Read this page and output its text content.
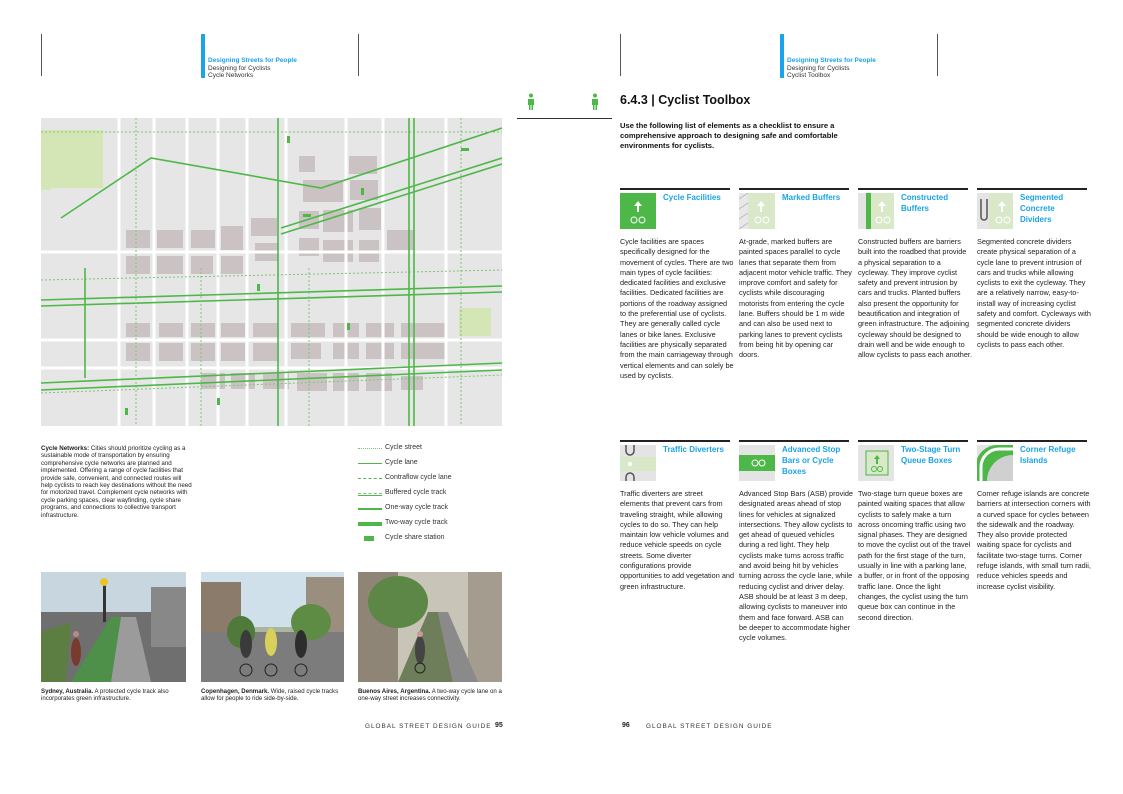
Designing Streets for People
Designing for Cyclists
Cycle Networks
Cycle Networks: Cities should prioritize cycling as a sustainable mode of transportation by ensuring comprehensive cycle networks are planned and implemented. Offering a range of cycle facilities that provide safe, convenient, and connected routes will help cyclists to reach key destinations without the need for motorized travel. Complement cycle networks with cycle parking spaces, clear wayfinding, cycle share programs, and connections to collective transport infrastructure.
Cycle street
Cycle lane
Contraflow cycle lane
Buffered cycle track
One-way cycle track
Two-way cycle track
Cycle share station
Sydney, Australia. A protected cycle track also incorporates green infrastructure.
Copenhagen, Denmark. Wide, raised cycle tracks allow for people to ride side-by-side.
Buenos Aires, Argentina. A two-way cycle lane on a one-way street increases connectivity.
GLOBAL STREET DESIGN GUIDE 95
Designing Streets for People
Designing for Cyclists
Cyclist Toolbox
6.4.3 | Cyclist Toolbox
Use the following list of elements as a checklist to ensure a comprehensive approach to designing safe and comfortable environments for cyclists.
Cycle Facilities
Cycle facilities are spaces specifically designed for the movement of cycles. There are two main types of cycle facilities: dedicated facilities and exclusive facilities. Dedicated facilities are portions of the roadway assigned to the preferential use of cyclists. They are generally called cycle lanes or bike lanes. Exclusive facilities are physically separated from the main carriageway through vertical elements and can solely be used by cyclists.
Marked Buffers
At-grade, marked buffers are painted spaces parallel to cycle lanes that separate them from adjacent motor vehicle traffic. They improve comfort and safety for cyclists while discouraging motorists from entering the cycle lane. Buffers should be 1 m wide and can also be used next to parking lanes to prevent cyclists from being hit by opening car doors.
Constructed Buffers
Constructed buffers are barriers built into the roadbed that provide a physical separation to a cycleway. They improve cyclist safety and prevent intrusion by cars and trucks. Planted buffers also present the opportunity for beautification and integration of green infrastructure. The adjoining cycleway should be designed to drain well and be wide enough to allow cyclists to pass each another.
Segmented Concrete Dividers
Segmented concrete dividers create physical separation of a cycle lane to prevent intrusion of cars and trucks while allowing cyclists to exit the cycleway. They are a relatively narrow, easy-to-install way of increasing cyclist safety and comfort. Cycleways with segmented concrete dividers should be wide enough to allow cyclists to pass each other.
Traffic Diverters
Traffic diverters are street elements that prevent cars from traveling straight, while allowing cycles to do so. They can help maintain low vehicle volumes and reduce vehicle speeds on cycle streets. Some diverter configurations provide opportunities to add vegetation and green infrastructure.
Advanced Stop Bars or Cycle Boxes
Advanced Stop Bars (ASB) provide designated areas ahead of stop lines for vehicles at signalized intersections. They allow cyclists to get ahead of queued vehicles during a red light. They help cyclists make turns across traffic and avoid being hit by vehicles turning across the cycle lane, while reducing cyclist and driver delay. ASB should be at least 3 m deep, allowing cyclists to maneuver into them and face forward. ASB can be deeper to accommodate higher cycle volumes.
Two-Stage Turn Queue Boxes
Two-stage turn queue boxes are painted waiting spaces that allow cyclists to safely make a turn across oncoming traffic using two signal phases. They are designed to move the cyclist out of the travel path for the first stage of the turn, usually in line with a parking lane, a buffer, or in front of the opposing traffic lane. Once the light changes, the cyclist using the turn queue box can continue in the second direction.
Corner Refuge Islands
Corner refuge islands are concrete barriers at intersection corners with a curved space for cycles between the sidewalk and the roadway. They also provide protected waiting space for cyclists and facilitate two-stage turns. Corner refuge islands, with small turn radii, reduce vehicles speeds and increase cyclist visibility.
96	GLOBAL STREET DESIGN GUIDE
